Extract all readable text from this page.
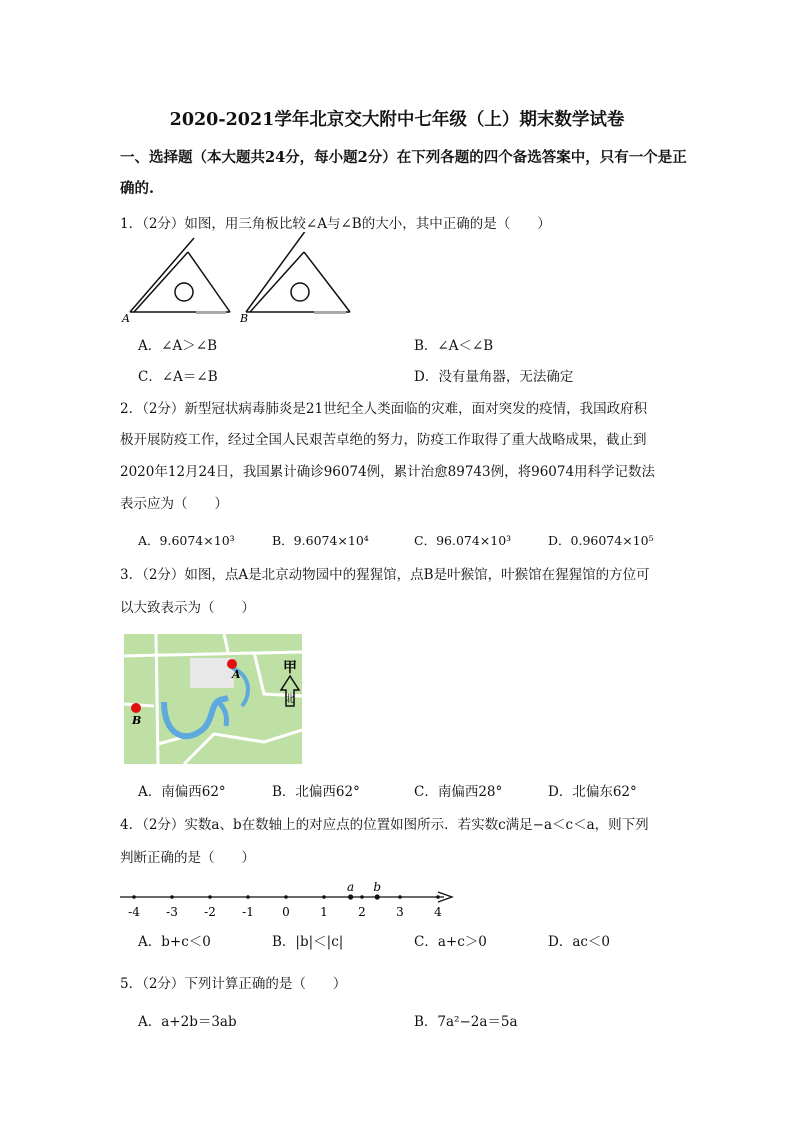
2020-2021学年北京交大附中七年级（上）期末数学试卷
一、选择题（本大题共24分，每小题2分）在下列各题的四个备选答案中，只有一个是正
确的.
1．（2分）如图，用三角板比较∠A与∠B的大小，其中正确的是（　　）
A	B
A．∠A＞∠B	B．∠A＜∠B
C．∠A＝∠B	D．没有量角器，无法确定
2．（2分）新型冠状病毒肺炎是21世纪全人类面临的灾难，面对突发的疫情，我国政府积
极开展防疫工作，经过全国人民艰苦卓绝的努力，防疫工作取得了重大战略成果，截止到
2020年12月24日，我国累计确诊96074例，累计治愈89743例，将96074用科学记数法
表示应为（　　）
A．9.6074×10³	B．9.6074×10⁴	C．96.074×10³	D．0.96074×10⁵
3．（2分）如图，点A是北京动物园中的猩猩馆，点B是叶猴馆，叶猴馆在猩猩馆的方位可
以大致表示为（　　）
A
B
甲
北
A．南偏西62°	B．北偏西62°	C．南偏西28°	D．北偏东62°
4．（2分）实数a、b在数轴上的对应点的位置如图所示．若实数c满足−a＜c＜a，则下列
判断正确的是（　　）
-4 -3 -2 -1 0	1	2	3	4
a b
A．b+c＜0	B．|b|＜|c|	C．a+c＞0	D．ac＜0
5．（2分）下列计算正确的是（　　）
A．a+2b＝3ab	B．7a²−2a＝5a
